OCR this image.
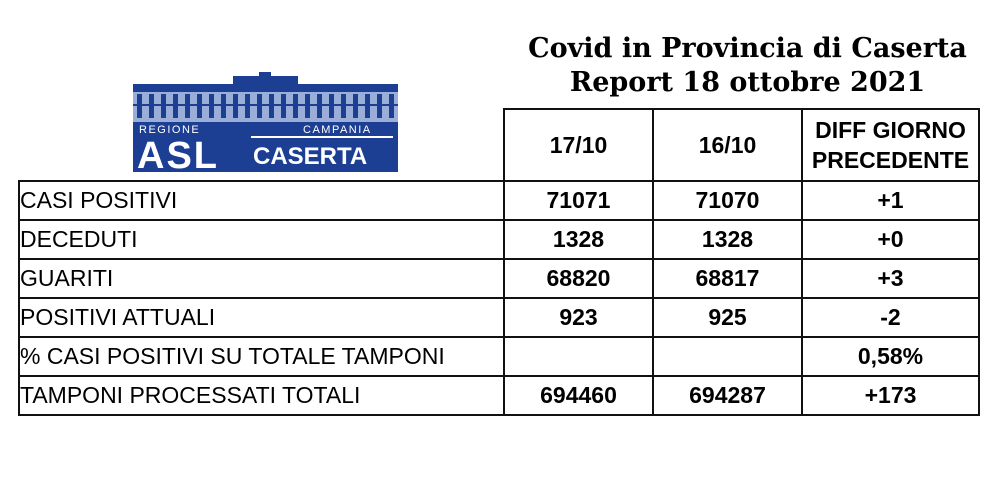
Covid in Provincia di Caserta
Report 18 ottobre 2021
REGIONE	CAMPANIA
ASL CASERTA
		17/10	16/10	DIFF GIORNO
PRECEDENTE

CASI POSITIVI	71071	71070	+1
DECEDUTI	1328	1328	+0
GUARITI	68820	68817	+3
POSITIVI ATTUALI	923	925	-2
% CASI POSITIVI SU TOTALE TAMPONI			0,58%
TAMPONI PROCESSATI TOTALI	694460	694287	+173
